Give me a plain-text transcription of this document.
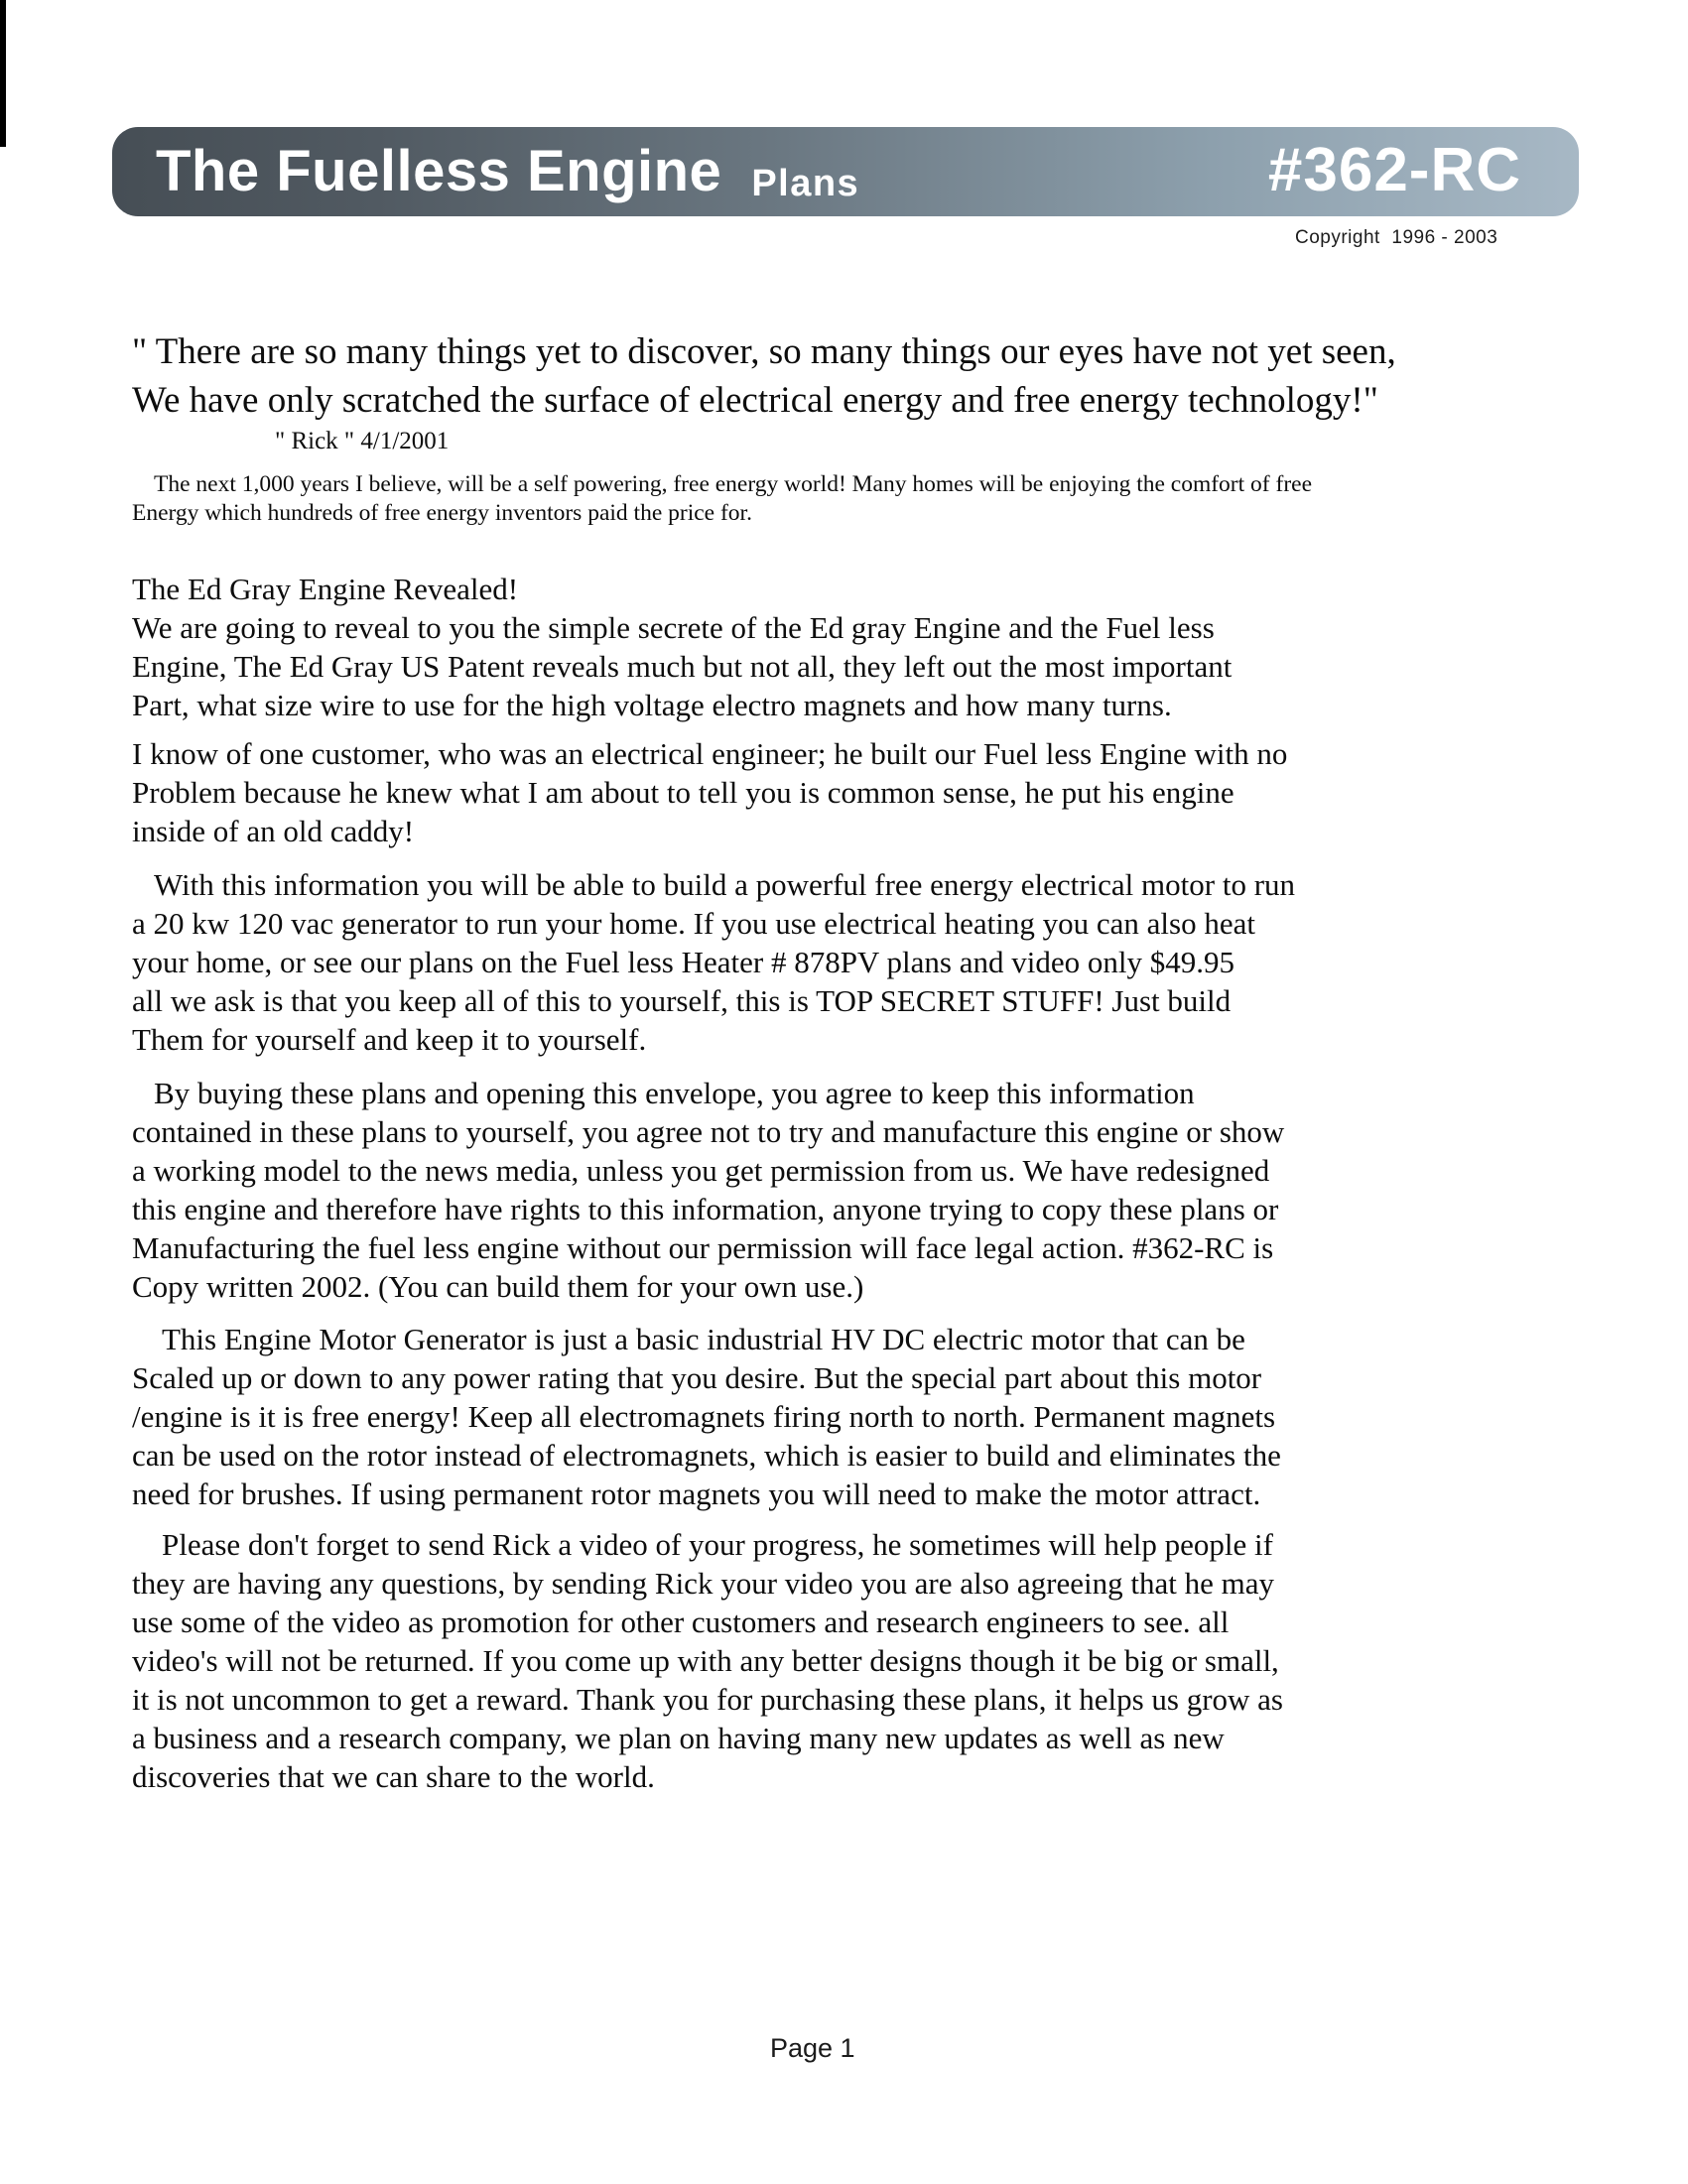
The Fuelless Engine Plans	#362-RC
Copyright  1996 - 2003
" There are so many things yet to discover, so many things our eyes have not yet seen,
We have only scratched the surface of electrical energy and free energy technology!"
" Rick " 4/1/2001
The next 1,000 years I believe, will be a self powering, free energy world! Many homes will be enjoying the comfort of free
Energy which hundreds of free energy inventors paid the price for.

The Ed Gray Engine Revealed!
We are going to reveal to you the simple secrete of the Ed gray Engine and the Fuel less
Engine, The Ed Gray US Patent reveals much but not all, they left out the most important
Part, what size wire to use for the high voltage electro magnets and how many turns.

I know of one customer, who was an electrical engineer; he built our Fuel less Engine with no
Problem because he knew what I am about to tell you is common sense, he put his engine
inside of an old caddy!

With this information you will be able to build a powerful free energy electrical motor to run
a 20 kw 120 vac generator to run your home. If you use electrical heating you can also heat
your home, or see our plans on the Fuel less Heater # 878PV plans and video only $49.95
all we ask is that you keep all of this to yourself, this is TOP SECRET STUFF! Just build
Them for yourself and keep it to yourself.

By buying these plans and opening this envelope, you agree to keep this information
contained in these plans to yourself, you agree not to try and manufacture this engine or show
a working model to the news media, unless you get permission from us. We have redesigned
this engine and therefore have rights to this information, anyone trying to copy these plans or
Manufacturing the fuel less engine without our permission will face legal action. #362-RC is
Copy written 2002. (You can build them for your own use.)

This Engine Motor Generator is just a basic industrial HV DC electric motor that can be
Scaled up or down to any power rating that you desire. But the special part about this motor
/engine is it is free energy! Keep all electromagnets firing north to north. Permanent magnets
can be used on the rotor instead of electromagnets, which is easier to build and eliminates the
need for brushes. If using permanent rotor magnets you will need to make the motor attract.

Please don't forget to send Rick a video of your progress, he sometimes will help people if
they are having any questions, by sending Rick your video you are also agreeing that he may
use some of the video as promotion for other customers and research engineers to see. all
video's will not be returned. If you come up with any better designs though it be big or small,
it is not uncommon to get a reward. Thank you for purchasing these plans, it helps us grow as
a business and a research company, we plan on having many new updates as well as new
discoveries that we can share to the world.

Page 1
